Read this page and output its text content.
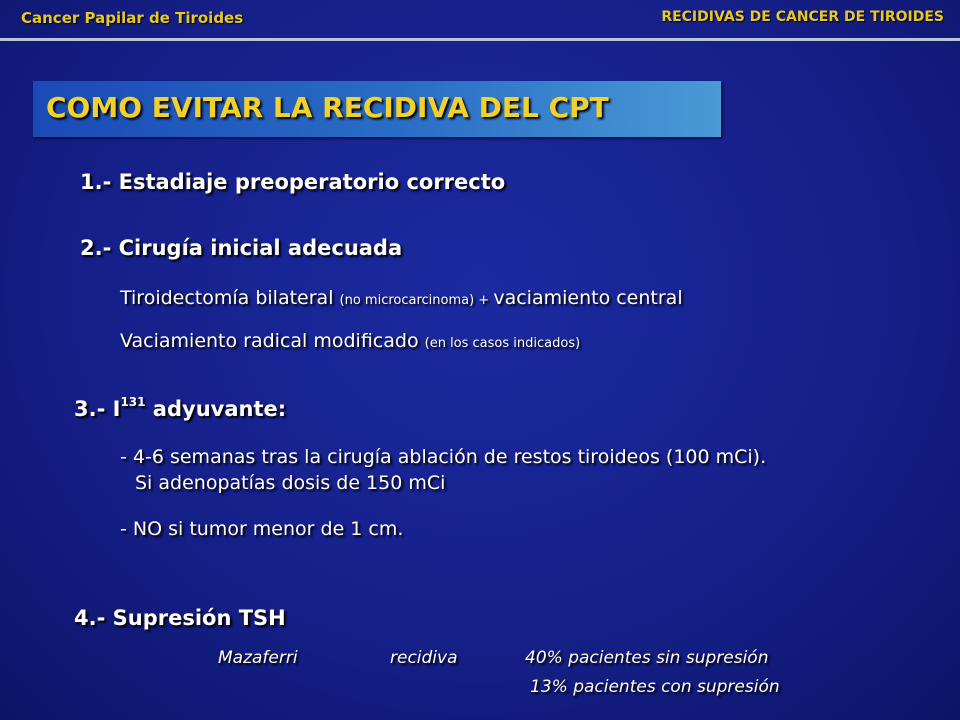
Cancer Papilar de Tiroides	RECIDIVAS DE CANCER DE TIROIDES
COMO EVITAR LA RECIDIVA DEL CPT
1.- Estadiaje preoperatorio correcto
2.- Cirugía inicial adecuada
Tiroidectomía bilateral (no microcarcinoma) + vaciamiento central
Vaciamiento radical modificado (en los casos indicados)
3.- $I^{131}$ adyuvante:
- 4-6 semanas tras la cirugía ablación de restos tiroideos (100 mCi).
Si adenopatías dosis de 150 mCi
- NO si tumor menor de 1 cm.
4.- Supresión TSH
Mazaferri	recidiva	40% pacientes sin supresión
13% pacientes con supresión
